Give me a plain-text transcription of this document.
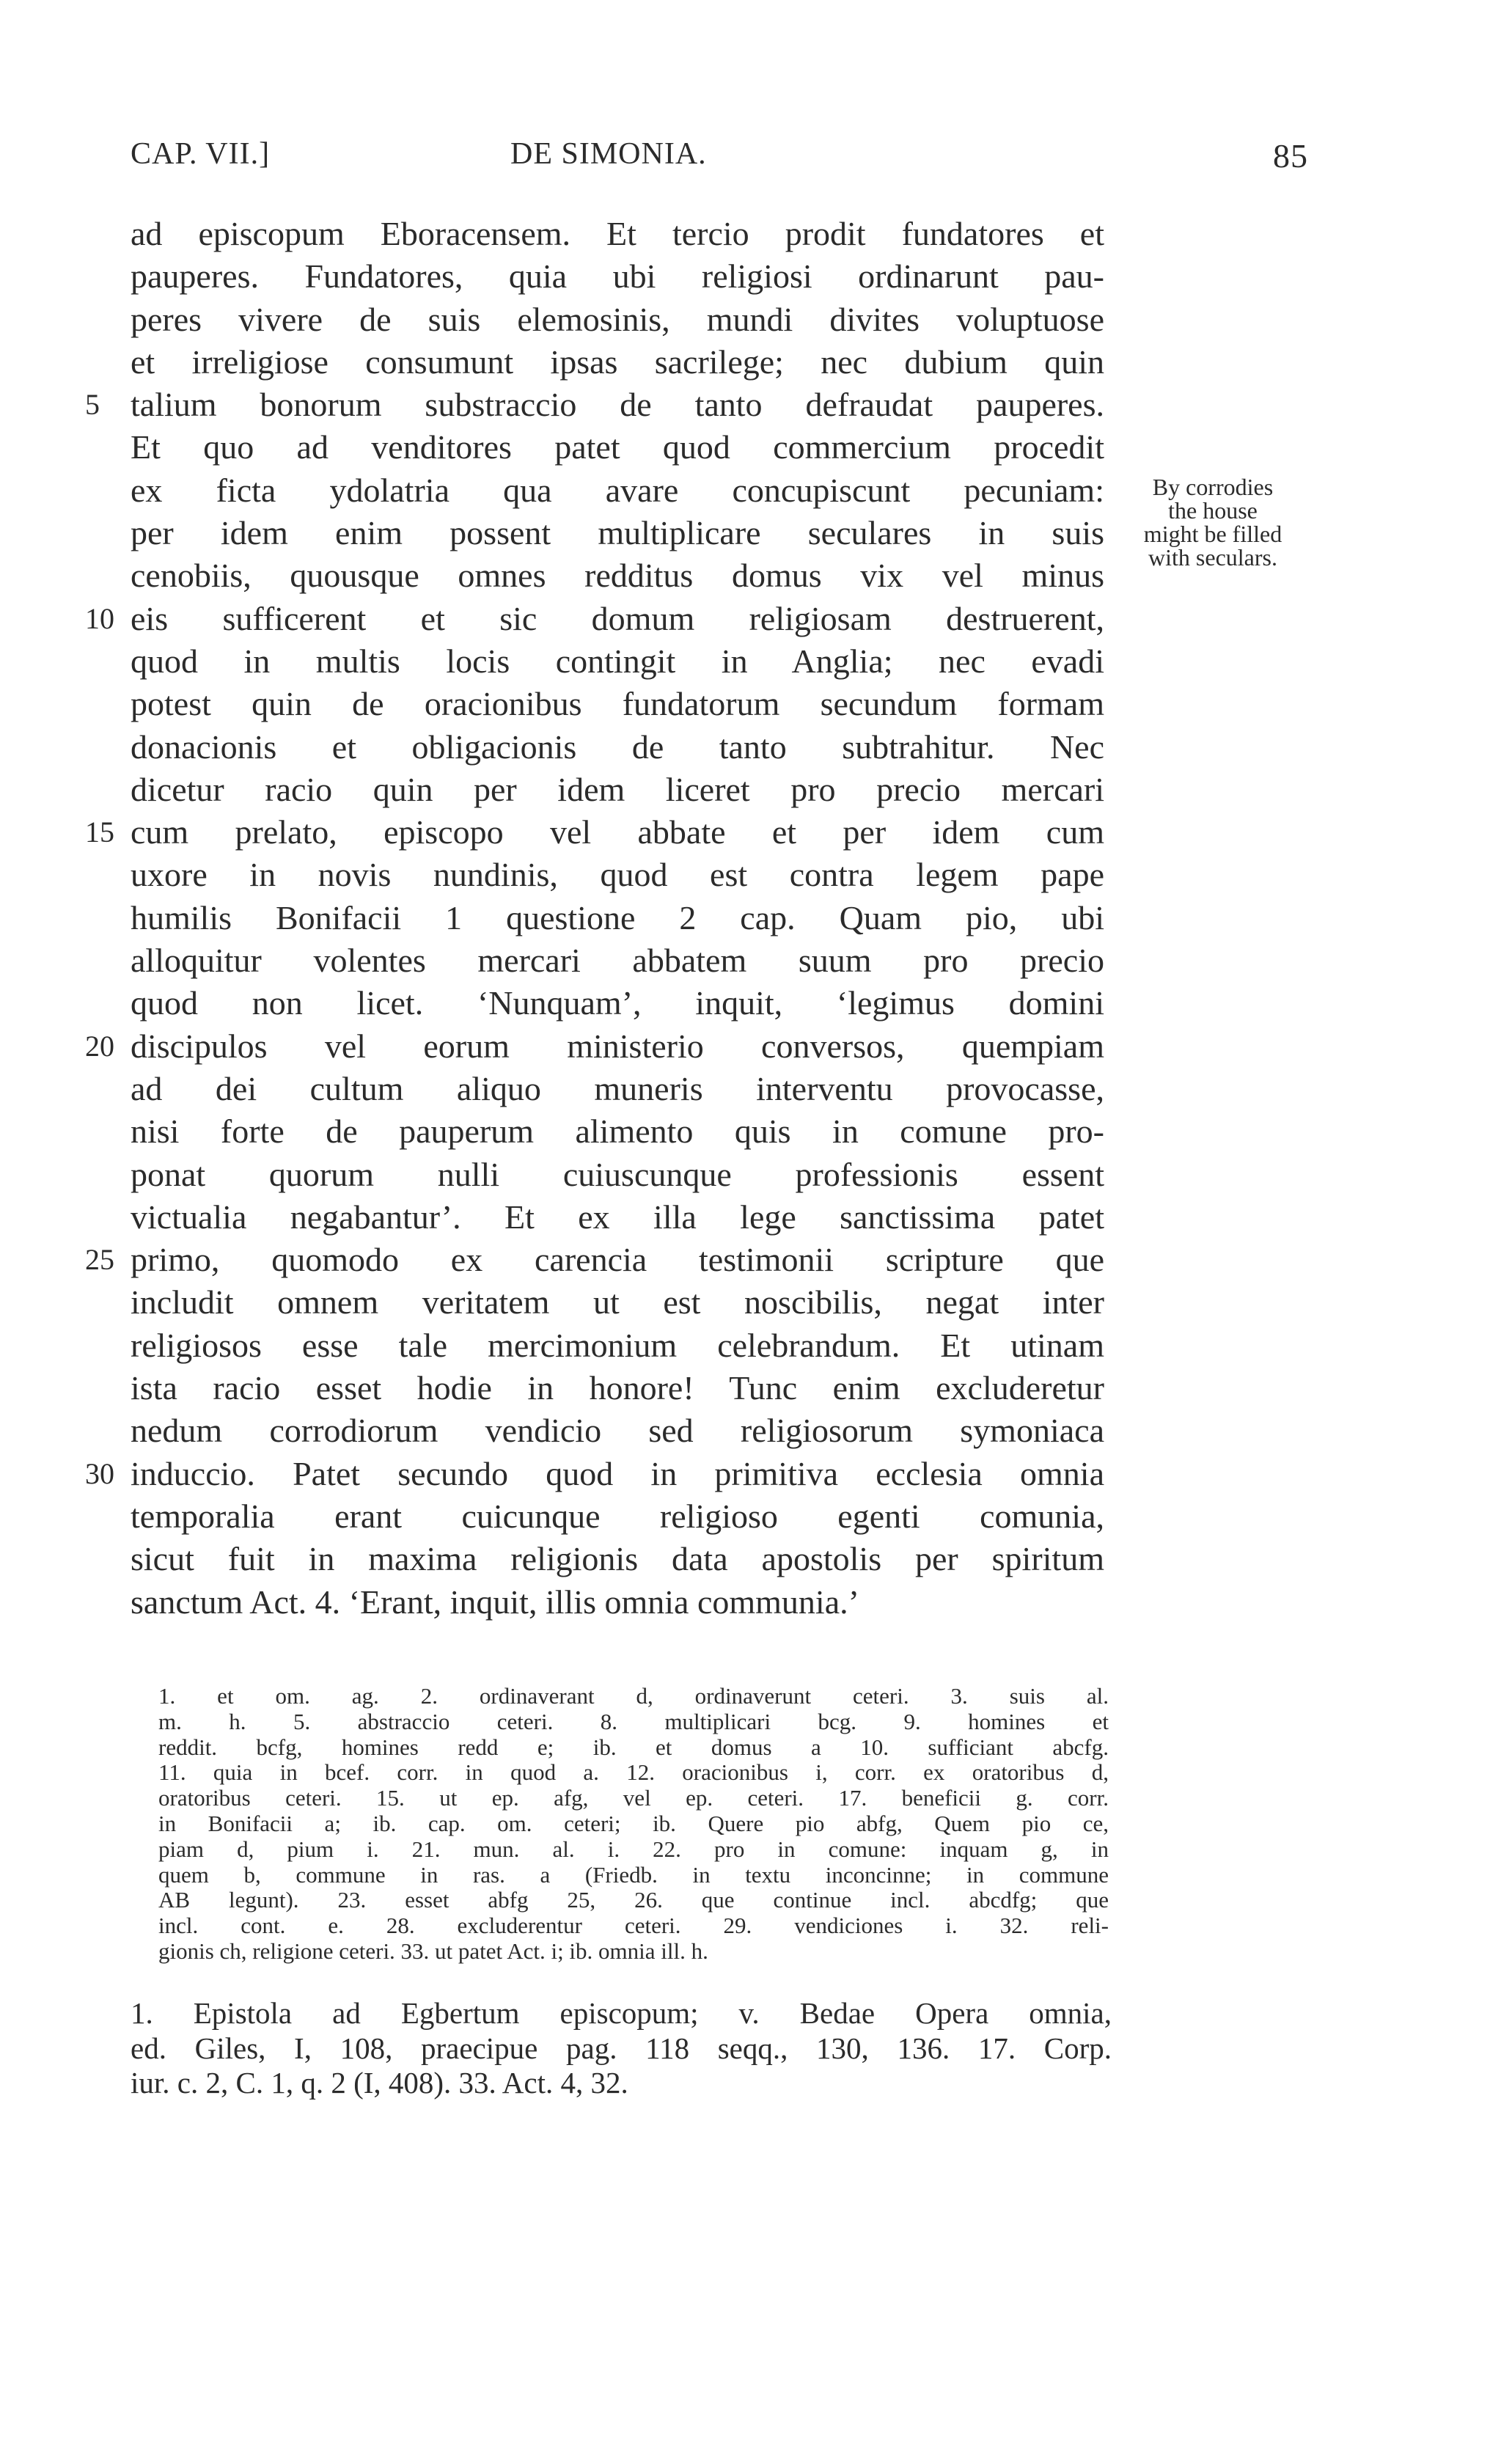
CAP. VII.]	DE SIMONIA.	85
ad episcopum Eboracensem. Et tercio prodit fundatores et
pauperes. Fundatores, quia ubi religiosi ordinarunt pau-
peres vivere de suis elemosinis, mundi divites voluptuose
et irreligiose consumunt ipsas sacrilege; nec dubium quin
5 talium bonorum substraccio de tanto defraudat pauperes.
Et quo ad venditores patet quod commercium procedit
ex ficta ydolatria qua avare concupiscunt pecuniam:
per idem enim possent multiplicare seculares in suis
cenobiis, quousque omnes redditus domus vix vel minus
10 eis sufficerent et sic domum religiosam destruerent,
quod in multis locis contingit in Anglia; nec evadi
potest quin de oracionibus fundatorum secundum formam
donacionis et obligacionis de tanto subtrahitur. Nec
dicetur racio quin per idem liceret pro precio mercari
15 cum prelato, episcopo vel abbate et per idem cum
uxore in novis nundinis, quod est contra legem pape
humilis Bonifacii 1 questione 2 cap. Quam pio, ubi
alloquitur volentes mercari abbatem suum pro precio
quod non licet. ‘Nunquam’, inquit, ‘legimus domini
20 discipulos vel eorum ministerio conversos, quempiam
ad dei cultum aliquo muneris interventu provocasse,
nisi forte de pauperum alimento quis in comune pro-
ponat quorum nulli cuiuscunque professionis essent
victualia negabantur’. Et ex illa lege sanctissima patet
25 primo, quomodo ex carencia testimonii scripture que
includit omnem veritatem ut est noscibilis, negat inter
religiosos esse tale mercimonium celebrandum. Et utinam
ista racio esset hodie in honore! Tunc enim excluderetur
nedum corrodiorum vendicio sed religiosorum symoniaca
30 induccio. Patet secundo quod in primitiva ecclesia omnia
temporalia erant cuicunque religioso egenti comunia,
sicut fuit in maxima religionis data apostolis per spiritum
sanctum Act. 4. ‘Erant, inquit, illis omnia communia.’
By corrodies
the house
might be filled
with seculars.
1. et om. ag. 2. ordinaverant d, ordinaverunt ceteri. 3. suis al.
m. h. 5. abstraccio ceteri. 8. multiplicari bcg. 9. homines et
reddit. bcfg, homines redd e; ib. et domus a 10. sufficiant abcfg.
11. quia in bcef. corr. in quod a. 12. oracionibus i, corr. ex oratoribus d,
oratoribus ceteri. 15. ut ep. afg, vel ep. ceteri. 17. beneficii g. corr.
in Bonifacii a; ib. cap. om. ceteri; ib. Quere pio abfg, Quem pio ce,
piam d, pium i. 21. mun. al. i. 22. pro in comune: inquam g, in
quem b, commune in ras. a (Friedb. in textu inconcinne; in commune
AB legunt). 23. esset abfg 25, 26. que continue incl. abcdfg; que
incl. cont. e. 28. excluderentur ceteri. 29. vendiciones i. 32. reli-
gionis ch, religione ceteri. 33. ut patet Act. i; ib. omnia ill. h.
1. Epistola ad Egbertum episcopum; v. Bedae Opera omnia,
ed. Giles, I, 108, praecipue pag. 118 seqq., 130, 136. 17. Corp.
iur. c. 2, C. 1, q. 2 (I, 408). 33. Act. 4, 32.
